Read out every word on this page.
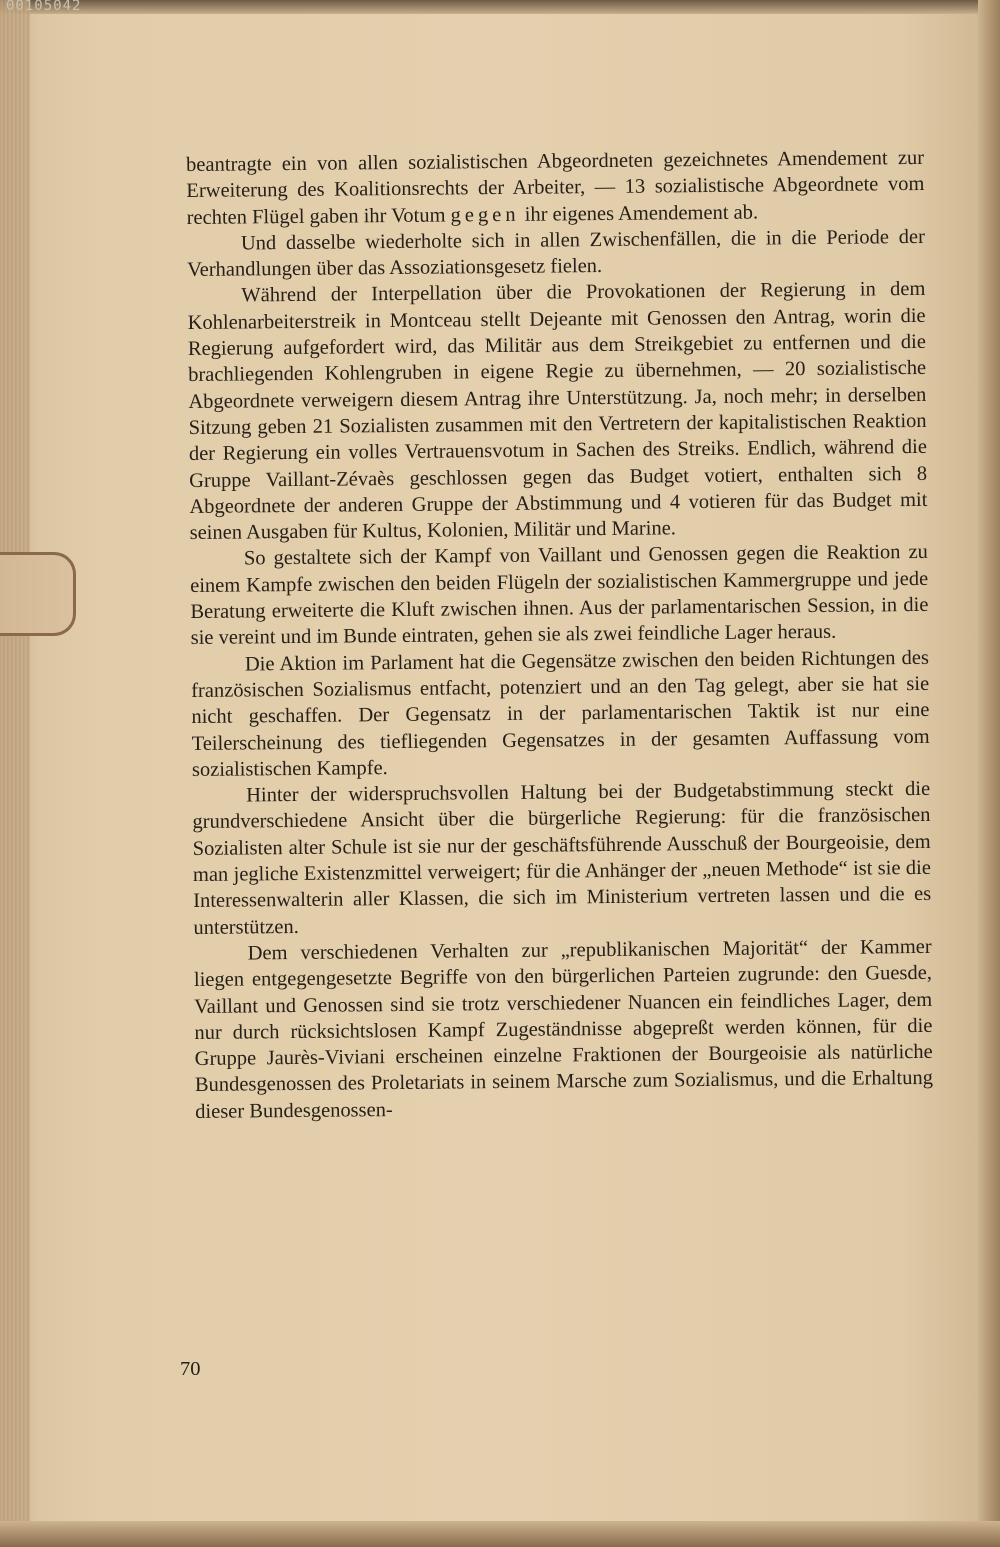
00105042

beantragte ein von allen sozialistischen Abgeordneten gezeichnetes Amendement zur Erweiterung des Koalitionsrechts der Arbeiter, — 13 sozialistische Abgeordnete vom rechten Flügel gaben ihr Votum gegen ihr eigenes Amendement ab.

Und dasselbe wiederholte sich in allen Zwischenfällen, die in die Periode der Verhandlungen über das Assoziationsgesetz fielen.

Während der Interpellation über die Provokationen der Regierung in dem Kohlenarbeiterstreik in Montceau stellt Dejeante mit Genossen den Antrag, worin die Regierung aufgefordert wird, das Militär aus dem Streikgebiet zu entfernen und die brachliegenden Kohlengruben in eigene Regie zu übernehmen, — 20 sozialistische Abgeordnete verweigern diesem Antrag ihre Unterstützung. Ja, noch mehr; in derselben Sitzung geben 21 Sozialisten zusammen mit den Vertretern der kapitalistischen Reaktion der Regierung ein volles Vertrauensvotum in Sachen des Streiks. Endlich, während die Gruppe Vaillant-Zévaès geschlossen gegen das Budget votiert, enthalten sich 8 Abgeordnete der anderen Gruppe der Abstimmung und 4 votieren für das Budget mit seinen Ausgaben für Kultus, Kolonien, Militär und Marine.

So gestaltete sich der Kampf von Vaillant und Genossen gegen die Reaktion zu einem Kampfe zwischen den beiden Flügeln der sozialistischen Kammergruppe und jede Beratung erweiterte die Kluft zwischen ihnen. Aus der parlamentarischen Session, in die sie vereint und im Bunde eintraten, gehen sie als zwei feindliche Lager heraus.

Die Aktion im Parlament hat die Gegensätze zwischen den beiden Richtungen des französischen Sozialismus entfacht, potenziert und an den Tag gelegt, aber sie hat sie nicht geschaffen. Der Gegensatz in der parlamentarischen Taktik ist nur eine Teilerscheinung des tiefliegenden Gegensatzes in der gesamten Auffassung vom sozialistischen Kampfe.

Hinter der widerspruchsvollen Haltung bei der Budgetabstimmung steckt die grundverschiedene Ansicht über die bürgerliche Regierung: für die französischen Sozialisten alter Schule ist sie nur der geschäftsführende Ausschuß der Bourgeoisie, dem man jegliche Existenzmittel verweigert; für die Anhänger der „neuen Methode“ ist sie die Interessenwalterin aller Klassen, die sich im Ministerium vertreten lassen und die es unterstützen.

Dem verschiedenen Verhalten zur „republikanischen Majorität“ der Kammer liegen entgegengesetzte Begriffe von den bürgerlichen Parteien zugrunde: den Guesde, Vaillant und Genossen sind sie trotz verschiedener Nuancen ein feindliches Lager, dem nur durch rücksichtslosen Kampf Zugeständnisse abgepreßt werden können, für die Gruppe Jaurès-Viviani erscheinen einzelne Fraktionen der Bourgeoisie als natürliche Bundesgenossen des Proletariats in seinem Marsche zum Sozialismus, und die Erhaltung dieser Bundesgenossen-

70
